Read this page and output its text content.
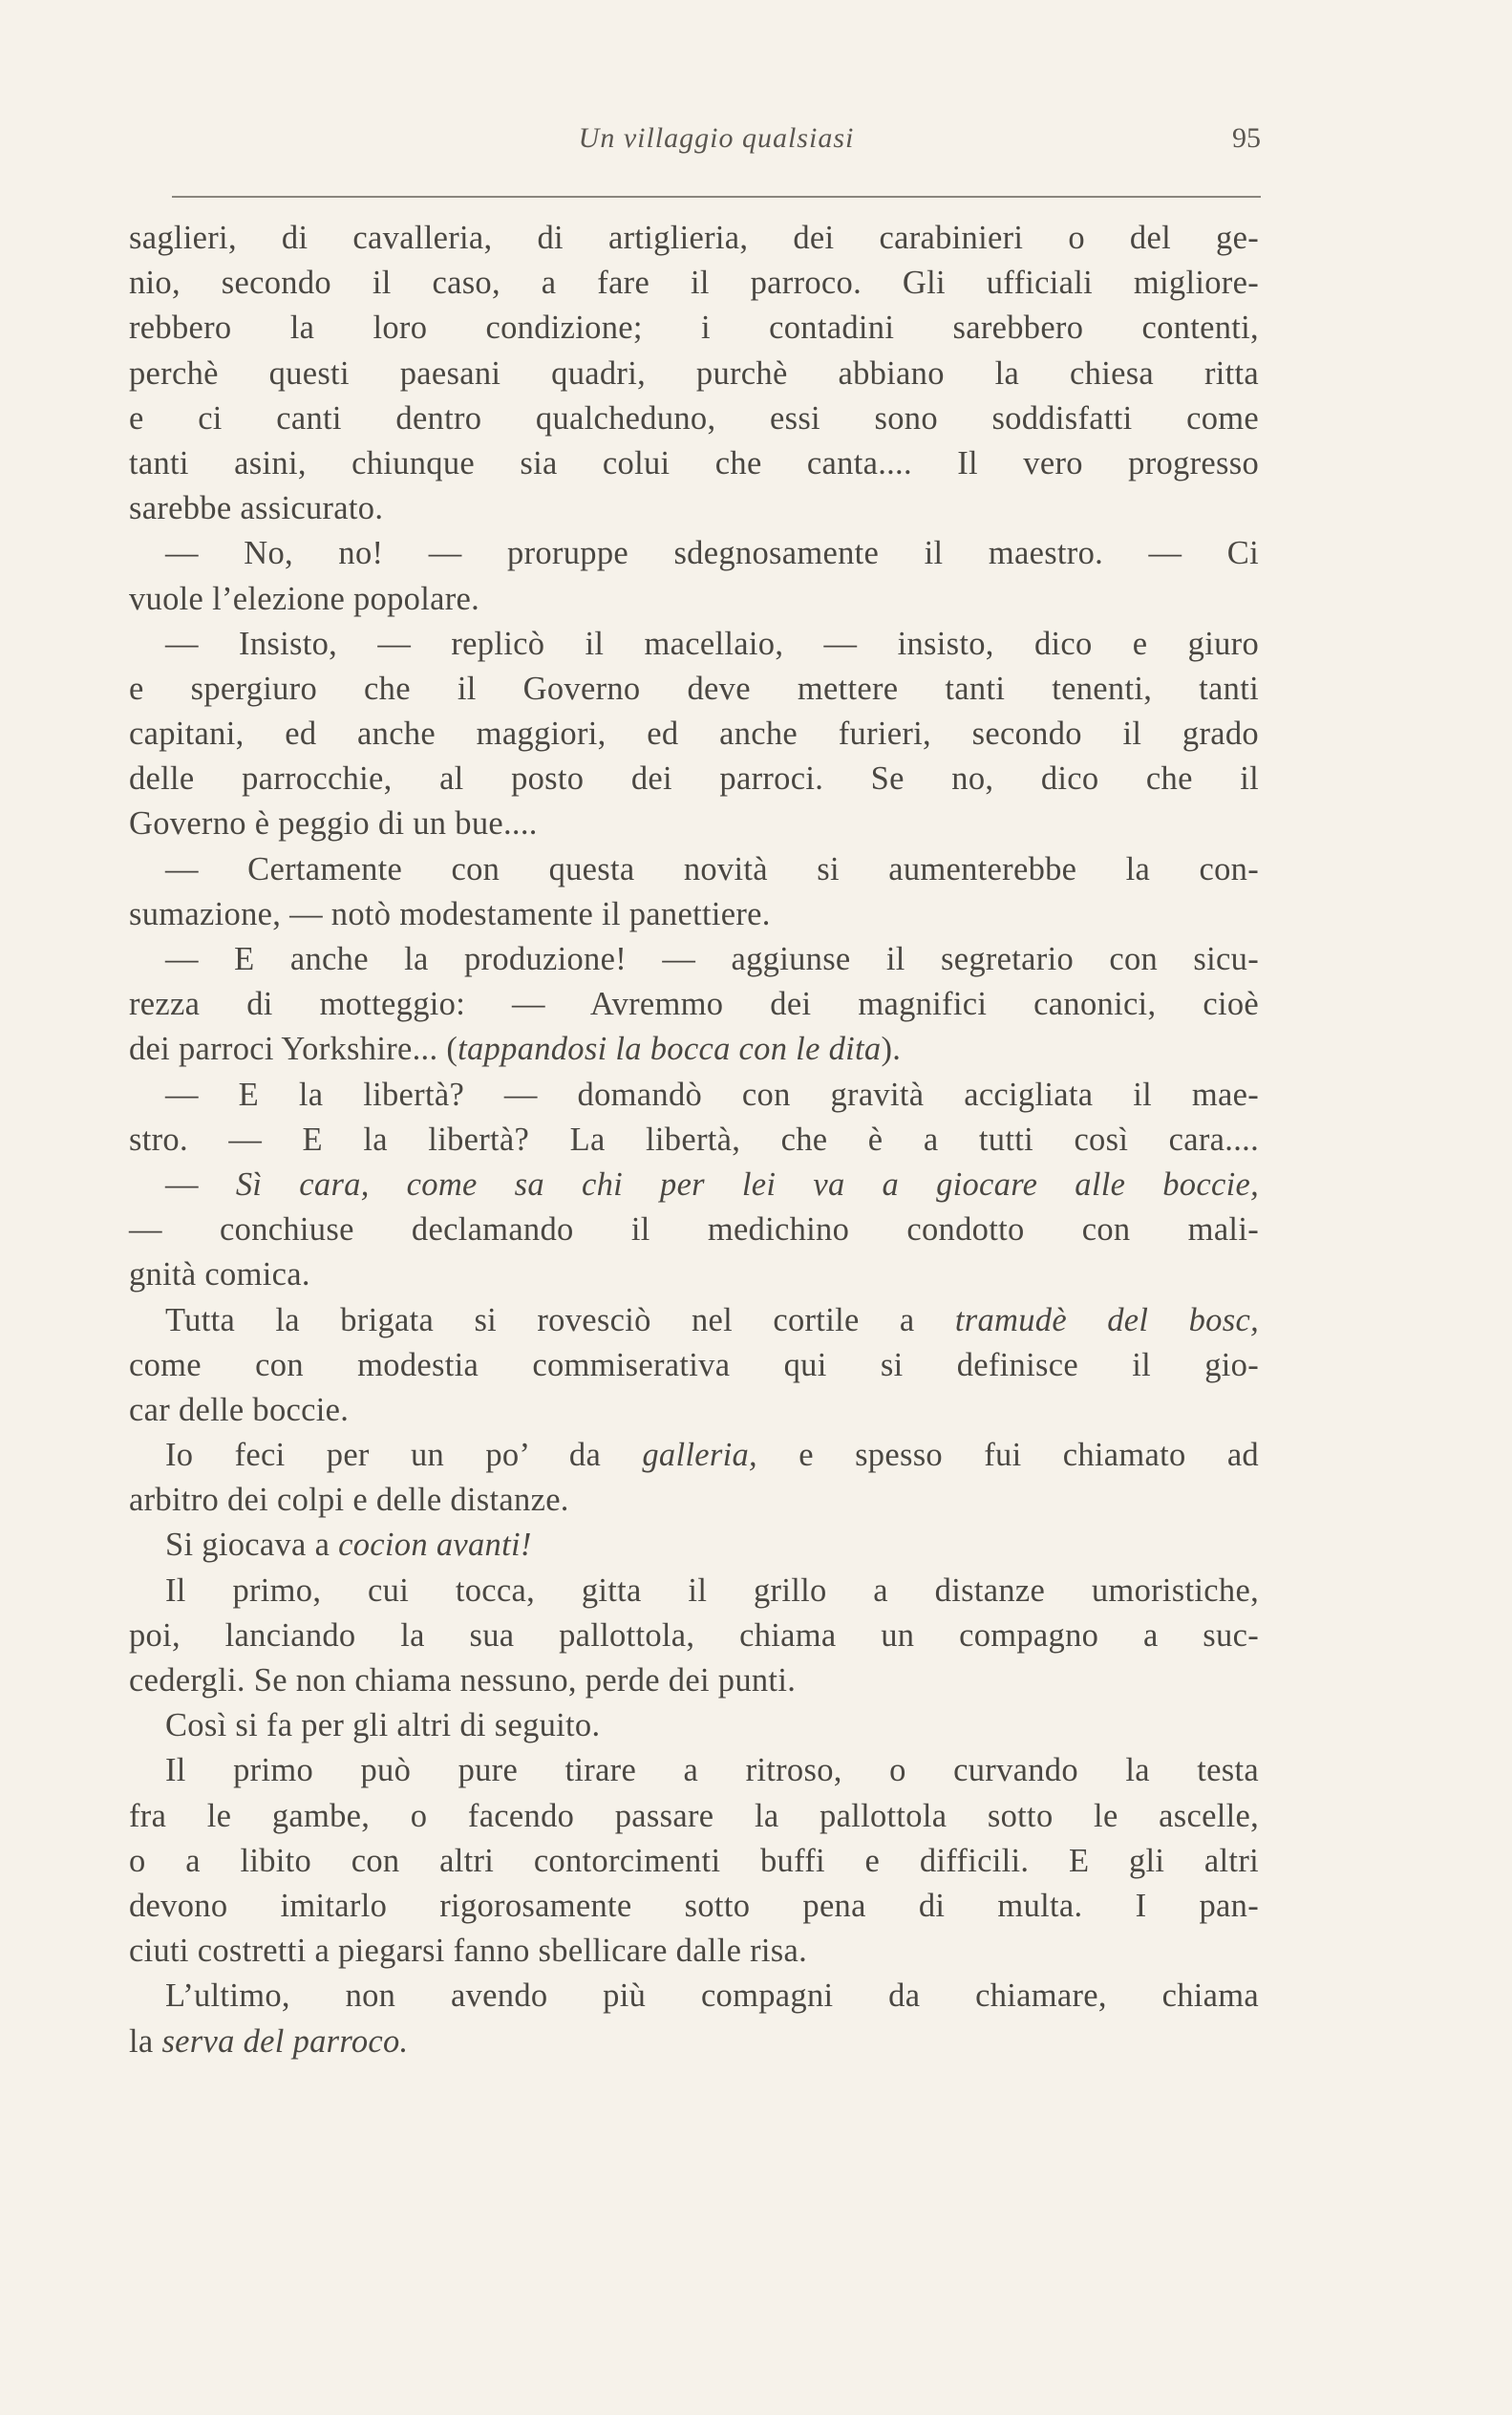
Un villaggio qualsiasi	95
saglieri, di cavalleria, di artiglieria, dei carabinieri o del ge-
nio, secondo il caso, a fare il parroco. Gli ufficiali migliore-
rebbero la loro condizione; i contadini sarebbero contenti,
perchè questi paesani quadri, purchè abbiano la chiesa ritta
e ci canti dentro qualcheduno, essi sono soddisfatti come
tanti asini, chiunque sia colui che canta.... Il vero progresso
sarebbe assicurato.
— No, no! — proruppe sdegnosamente il maestro. — Ci
vuole l’elezione popolare.
— Insisto, — replicò il macellaio, — insisto, dico e giuro
e spergiuro che il Governo deve mettere tanti tenenti, tanti
capitani, ed anche maggiori, ed anche furieri, secondo il grado
delle parrocchie, al posto dei parroci. Se no, dico che il
Governo è peggio di un bue....
— Certamente con questa novità si aumenterebbe la con-
sumazione, — notò modestamente il panettiere.
— E anche la produzione! — aggiunse il segretario con sicu-
rezza di motteggio: — Avremmo dei magnifici canonici, cioè
dei parroci Yorkshire... (tappandosi la bocca con le dita).
— E la libertà? — domandò con gravità accigliata il mae-
stro. — E la libertà? La libertà, che è a tutti così cara....
— Sì cara, come sa chi per lei va a giocare alle boccie,
— conchiuse declamando il medichino condotto con mali-
gnità comica.
Tutta la brigata si rovesciò nel cortile a tramudè del bosc,
come con modestia commiserativa qui si definisce il gio-
car delle boccie.
Io feci per un po’ da galleria, e spesso fui chiamato ad
arbitro dei colpi e delle distanze.
Si giocava a cocion avanti!
Il primo, cui tocca, gitta il grillo a distanze umoristiche,
poi, lanciando la sua pallottola, chiama un compagno a suc-
cedergli. Se non chiama nessuno, perde dei punti.
Così si fa per gli altri di seguito.
Il primo può pure tirare a ritroso, o curvando la testa
fra le gambe, o facendo passare la pallottola sotto le ascelle,
o a libito con altri contorcimenti buffi e difficili. E gli altri
devono imitarlo rigorosamente sotto pena di multa. I pan-
ciuti costretti a piegarsi fanno sbellicare dalle risa.
L’ultimo, non avendo più compagni da chiamare, chiama
la serva del parroco.
